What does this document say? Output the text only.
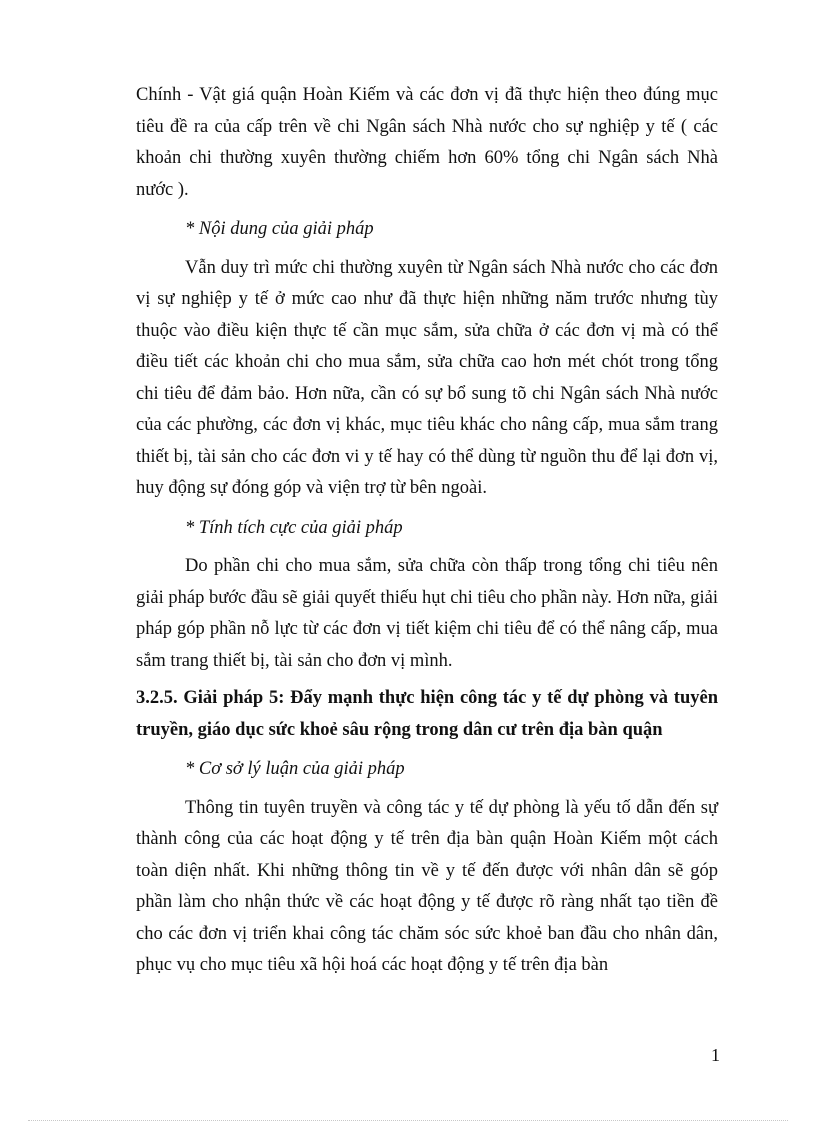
Chính - Vật giá quận Hoàn Kiếm và các đơn vị đã thực hiện theo đúng mục tiêu đề ra của cấp trên về chi Ngân sách Nhà nước cho sự nghiệp y tế ( các khoản chi thường xuyên thường chiếm hơn 60% tổng chi Ngân sách Nhà nước ).

* Nội dung của giải pháp

Vẫn duy trì mức chi thường xuyên từ Ngân sách Nhà nước cho các đơn vị sự nghiệp y tế ở mức cao như đã thực hiện những năm trước nhưng tùy thuộc vào điều kiện thực tế cần mục sắm, sửa chữa ở các đơn vị mà có thể điều tiết các khoản chi cho mua sắm, sửa chữa cao hơn mét chót trong tổng chi tiêu để đảm bảo. Hơn nữa, cần có sự bổ sung tõ chi Ngân sách Nhà nước của các phường, các đơn vị khác, mục tiêu khác cho nâng cấp, mua sắm trang thiết bị, tài sản cho các đơn vi y tế hay có thể dùng từ nguồn thu để lại đơn vị, huy động sự đóng góp và viện trợ từ bên ngoài.

* Tính tích cực của giải pháp

Do phần chi cho mua sắm, sửa chữa còn thấp trong tổng chi tiêu nên giải pháp bước đầu sẽ giải quyết thiếu hụt chi tiêu cho phần này. Hơn nữa, giải pháp góp phần nỗ lực từ các đơn vị tiết kiệm chi tiêu để có thể nâng cấp, mua sắm trang thiết bị, tài sản cho đơn vị mình.

3.2.5. Giải pháp 5: Đẩy mạnh thực hiện công tác y tế dự phòng và tuyên truyền, giáo dục sức khoẻ sâu rộng trong dân cư trên địa bàn quận

* Cơ sở lý luận của giải pháp

Thông tin tuyên truyền và công tác y tế dự phòng là yếu tố dẫn đến sự thành công của các hoạt động y tế trên địa bàn quận Hoàn Kiếm một cách toàn diện nhất. Khi những thông tin về y tế đến được với nhân dân sẽ góp phần làm cho nhận thức về các hoạt động y tế được rõ ràng nhất tạo tiền đề cho các đơn vị triển khai công tác chăm sóc sức khoẻ ban đầu cho nhân dân, phục vụ cho mục tiêu xã hội hoá các hoạt động y tế trên địa bàn

1
